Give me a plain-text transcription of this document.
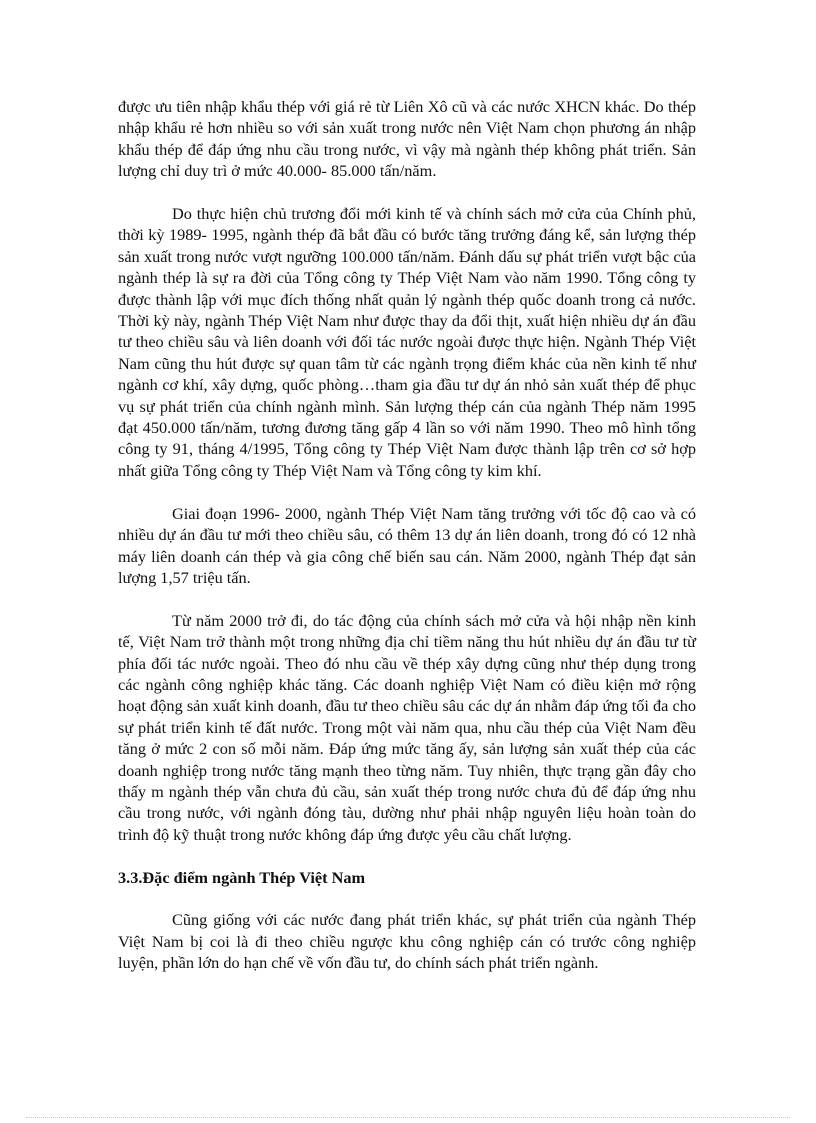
được ưu tiên nhập khẩu thép với giá rẻ từ Liên Xô cũ và các nước XHCN khác. Do thép nhập khẩu rẻ hơn nhiều so với sản xuất trong nước nên Việt Nam chọn phương án nhập khẩu thép để đáp ứng nhu cầu trong nước, vì vậy mà ngành thép không phát triển. Sản lượng chỉ duy trì ở mức 40.000- 85.000 tấn/năm.

Do thực hiện chủ trương đổi mới kinh tế và chính sách mở cửa của Chính phủ, thời kỳ 1989- 1995, ngành thép đã bắt đầu có bước tăng trưởng đáng kể, sản lượng thép sản xuất trong nước vượt ngưỡng 100.000 tấn/năm. Đánh dấu sự phát triển vượt bậc của ngành thép là sự ra đời của Tổng công ty Thép Việt Nam vào năm 1990. Tổng công ty được thành lập với mục đích thống nhất quản lý ngành thép quốc doanh trong cả nước. Thời kỳ này, ngành Thép Việt Nam như được thay da đổi thịt, xuất hiện nhiều dự án đầu tư theo chiều sâu và liên doanh với đối tác nước ngoài được thực hiện. Ngành Thép Việt Nam cũng thu hút được sự quan tâm từ các ngành trọng điểm khác của nền kinh tế như ngành cơ khí, xây dựng, quốc phòng…tham gia đầu tư dự án nhỏ sản xuất thép để phục vụ sự phát triển của chính ngành mình. Sản lượng thép cán của ngành Thép năm 1995 đạt 450.000 tấn/năm, tương đương tăng gấp 4 lần so với năm 1990. Theo mô hình tổng công ty 91, tháng 4/1995, Tổng công ty Thép Việt Nam được thành lập trên cơ sở hợp nhất giữa Tổng công ty Thép Việt Nam và Tổng công ty kim khí.

Giai đoạn 1996- 2000, ngành Thép Việt Nam tăng trưởng với tốc độ cao và có nhiều dự án đầu tư mới theo chiều sâu, có thêm 13 dự án liên doanh, trong đó có 12 nhà máy liên doanh cán thép và gia công chế biến sau cán. Năm 2000, ngành Thép đạt sản lượng 1,57 triệu tấn.

Từ năm 2000 trở đi, do tác động của chính sách mở cửa và hội nhập nền kinh tế, Việt Nam trở thành một trong những địa chỉ tiềm năng thu hút nhiều dự án đầu tư từ phía đối tác nước ngoài. Theo đó nhu cầu về thép xây dựng cũng như thép dụng trong các ngành công nghiệp khác tăng. Các doanh nghiệp Việt Nam có điều kiện mở rộng hoạt động sản xuất kinh doanh, đầu tư theo chiều sâu các dự án nhằm đáp ứng tối đa cho sự phát triển kinh tế đất nước. Trong một vài năm qua, nhu cầu thép của Việt Nam đều tăng ở mức 2 con số mỗi năm. Đáp ứng mức tăng ấy, sản lượng sản xuất thép của các doanh nghiệp trong nước tăng mạnh theo từng năm. Tuy nhiên, thực trạng gần đây cho thấy m ngành thép vẫn chưa đủ cầu, sản xuất thép trong nước chưa đủ để đáp ứng nhu cầu trong nước, với ngành đóng tàu, dường như phải nhập nguyên liệu hoàn toàn do trình độ kỹ thuật trong nước không đáp ứng được yêu cầu chất lượng.

3.3.Đặc điểm ngành Thép Việt Nam

Cũng giống với các nước đang phát triển khác, sự phát triển của ngành Thép Việt Nam bị coi là đi theo chiều ngược khu công nghiệp cán có trước công nghiệp luyện, phần lớn do hạn chế về vốn đầu tư, do chính sách phát triển ngành.
